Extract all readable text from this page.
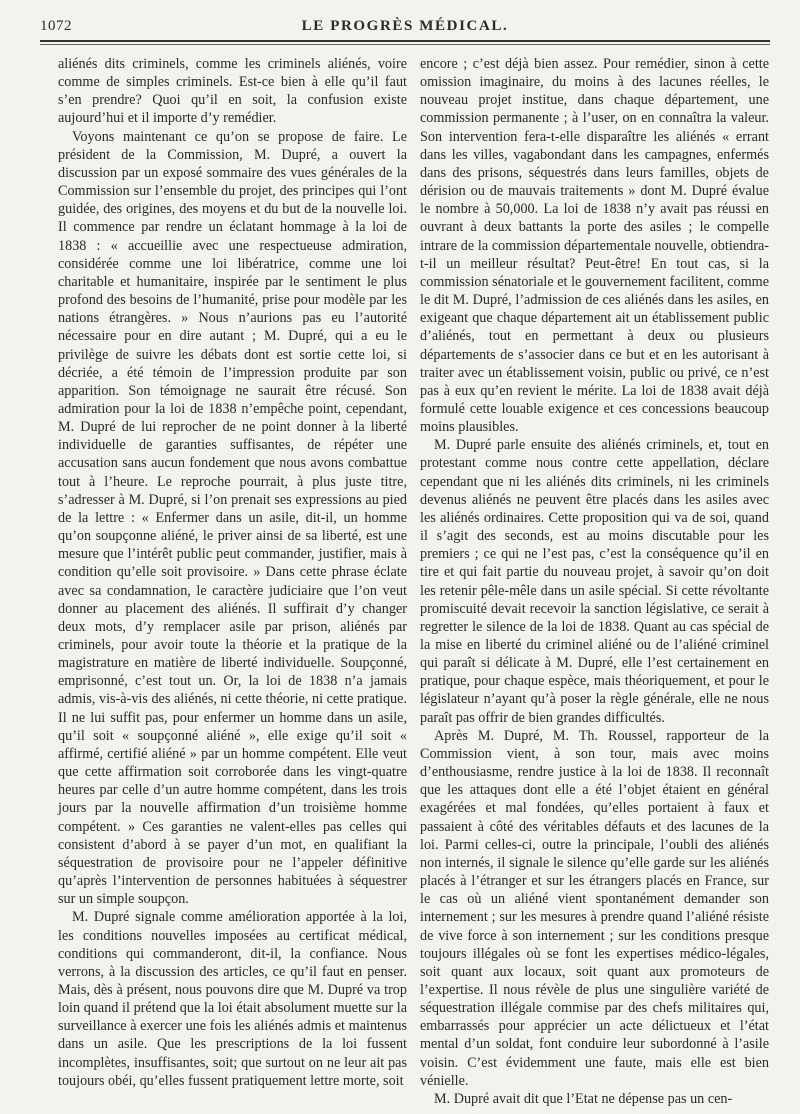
1072	LE PROGRÈS MÉDICAL.

aliénés dits criminels, comme les criminels aliénés, voire comme de simples criminels. Est-ce bien à elle qu’il faut s’en prendre? Quoi qu’il en soit, la confusion existe aujourd’hui et il importe d’y remédier.

Voyons maintenant ce qu’on se propose de faire. Le président de la Commission, M. Dupré, a ouvert la discussion par un exposé sommaire des vues générales de la Commission sur l’ensemble du projet, des principes qui l’ont guidée, des origines, des moyens et du but de la nouvelle loi. Il commence par rendre un éclatant hommage à la loi de 1838 : « accueillie avec une respectueuse admiration, considérée comme une loi libératrice, comme une loi charitable et humanitaire, inspirée par le sentiment le plus profond des besoins de l’humanité, prise pour modèle par les nations étrangères. » Nous n’aurions pas eu l’autorité nécessaire pour en dire autant ; M. Dupré, qui a eu le privilège de suivre les débats dont est sortie cette loi, si décriée, a été témoin de l’impression produite par son apparition. Son témoignage ne saurait être récusé. Son admiration pour la loi de 1838 n’empêche point, cependant, M. Dupré de lui reprocher de ne point donner à la liberté individuelle de garanties suffisantes, de répéter une accusation sans aucun fondement que nous avons combattue tout à l’heure. Le reproche pourrait, à plus juste titre, s’adresser à M. Dupré, si l’on prenait ses expressions au pied de la lettre : « Enfermer dans un asile, dit-il, un homme qu’on soupçonne aliéné, le priver ainsi de sa liberté, est une mesure que l’intérêt public peut commander, justifier, mais à condition qu’elle soit provisoire. » Dans cette phrase éclate avec sa condamnation, le caractère judiciaire que l’on veut donner au placement des aliénés. Il suffirait d’y changer deux mots, d’y remplacer asile par prison, aliénés par criminels, pour avoir toute la théorie et la pratique de la magistrature en matière de liberté individuelle. Soupçonné, emprisonné, c’est tout un. Or, la loi de 1838 n’a jamais admis, vis-à-vis des aliénés, ni cette théorie, ni cette pratique. Il ne lui suffit pas, pour enfermer un homme dans un asile, qu’il soit « soupçonné aliéné », elle exige qu’il soit « affirmé, certifié aliéné » par un homme compétent. Elle veut que cette affirmation soit corroborée dans les vingt-quatre heures par celle d’un autre homme compétent, dans les trois jours par la nouvelle affirmation d’un troisième homme compétent. » Ces garanties ne valent-elles pas celles qui consistent d’abord à se payer d’un mot, en qualifiant la séquestration de provisoire pour ne l’appeler définitive qu’après l’intervention de personnes habituées à séquestrer sur un simple soupçon.

M. Dupré signale comme amélioration apportée à la loi, les conditions nouvelles imposées au certificat médical, conditions qui commanderont, dit-il, la confiance. Nous verrons, à la discussion des articles, ce qu’il faut en penser. Mais, dès à présent, nous pouvons dire que M. Dupré va trop loin quand il prétend que la loi était absolument muette sur la surveillance à exercer une fois les aliénés admis et maintenus dans un asile. Que les prescriptions de la loi fussent incomplètes, insuffisantes, soit; que surtout on ne leur ait pas toujours obéi, qu’elles fussent pratiquement lettre morte, soit

encore ; c’est déjà bien assez. Pour remédier, sinon à cette omission imaginaire, du moins à des lacunes réelles, le nouveau projet institue, dans chaque département, une commission permanente ; à l’user, on en connaîtra la valeur. Son intervention fera-t-elle disparaître les aliénés « errant dans les villes, vagabondant dans les campagnes, enfermés dans des prisons, séquestrés dans leurs familles, objets de dérision ou de mauvais traitements » dont M. Dupré évalue le nombre à 50,000. La loi de 1838 n’y avait pas réussi en ouvrant à deux battants la porte des asiles ; le compelle intrare de la commission départementale nouvelle, obtiendra-t-il un meilleur résultat? Peut-être! En tout cas, si la commission sénatoriale et le gouvernement facilitent, comme le dit M. Dupré, l’admission de ces aliénés dans les asiles, en exigeant que chaque département ait un établissement public d’aliénés, tout en permettant à deux ou plusieurs départements de s’associer dans ce but et en les autorisant à traiter avec un établissement voisin, public ou privé, ce n’est pas à eux qu’en revient le mérite. La loi de 1838 avait déjà formulé cette louable exigence et ces concessions beaucoup moins plausibles.

M. Dupré parle ensuite des aliénés criminels, et, tout en protestant comme nous contre cette appellation, déclare cependant que ni les aliénés dits criminels, ni les criminels devenus aliénés ne peuvent être placés dans les asiles avec les aliénés ordinaires. Cette proposition qui va de soi, quand il s’agit des seconds, est au moins discutable pour les premiers ; ce qui ne l’est pas, c’est la conséquence qu’il en tire et qui fait partie du nouveau projet, à savoir qu’on doit les retenir pêle-mêle dans un asile spécial. Si cette révoltante promiscuité devait recevoir la sanction législative, ce serait à regretter le silence de la loi de 1838. Quant au cas spécial de la mise en liberté du criminel aliéné ou de l’aliéné criminel qui paraît si délicate à M. Dupré, elle l’est certainement en pratique, pour chaque espèce, mais théoriquement, et pour le législateur n’ayant qu’à poser la règle générale, elle ne nous paraît pas offrir de bien grandes difficultés.

Après M. Dupré, M. Th. Roussel, rapporteur de la Commission vient, à son tour, mais avec moins d’enthousiasme, rendre justice à la loi de 1838. Il reconnaît que les attaques dont elle a été l’objet étaient en général exagérées et mal fondées, qu’elles portaient à faux et passaient à côté des véritables défauts et des lacunes de la loi. Parmi celles-ci, outre la principale, l’oubli des aliénés non internés, il signale le silence qu’elle garde sur les aliénés placés à l’étranger et sur les étrangers placés en France, sur le cas où un aliéné vient spontanément demander son internement ; sur les mesures à prendre quand l’aliéné résiste de vive force à son internement ; sur les conditions presque toujours illégales où se font les expertises médico-légales, soit quant aux locaux, soit quant aux promoteurs de l’expertise. Il nous révèle de plus une singulière variété de séquestration illégale commise par des chefs militaires qui, embarrassés pour apprécier un acte délictueux et l’état mental d’un soldat, font conduire leur subordonné à l’asile voisin. C’est évidemment une faute, mais elle est bien vénielle.

M. Dupré avait dit que l’Etat ne dépense pas un cen-
